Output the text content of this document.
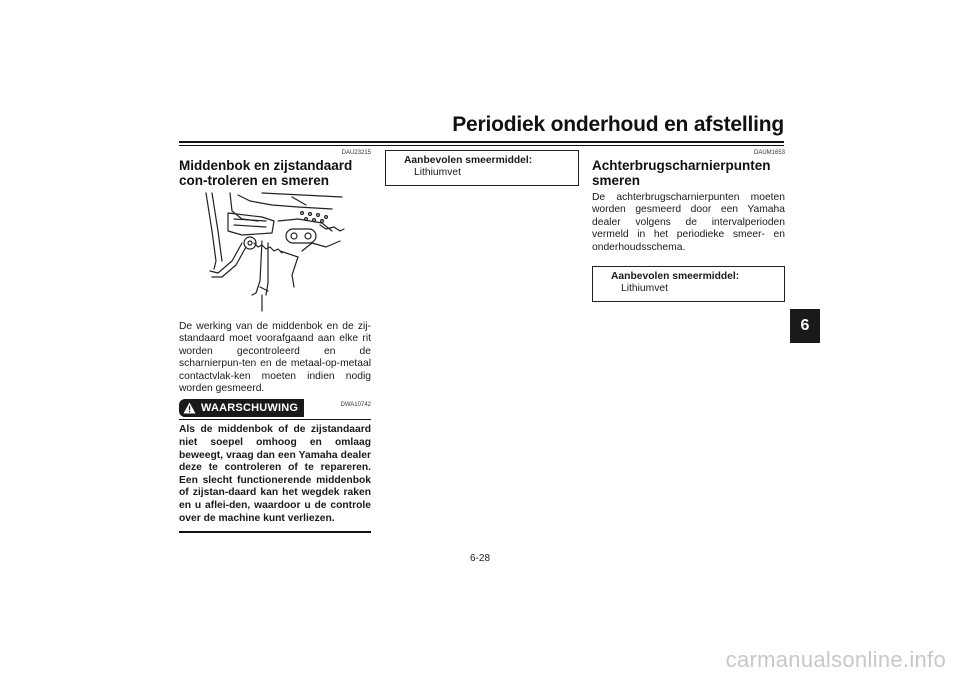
Periodiek onderhoud en afstelling
6
DAU23215
Middenbok en zijstandaard con-troleren en smeren

De werking van de middenbok en de zij-standaard moet voorafgaand aan elke rit worden gecontroleerd en de scharnierpun-ten en de metaal-op-metaal contactvlak-ken moeten indien nodig worden gesmeerd.

WAARSCHUWING	DWA10742
Als de middenbok of de zijstandaard niet soepel omhoog en omlaag beweegt, vraag dan een Yamaha dealer deze te controleren of te repareren. Een slecht functionerende middenbok of zijstan-daard kan het wegdek raken en u aflei-den, waardoor u de controle over de machine kunt verliezen.
Aanbevolen smeermiddel:
Lithiumvet
DAUM1653
Achterbrugscharnierpunten smeren

De achterbrugscharnierpunten moeten worden gesmeerd door een Yamaha dealer volgens de intervalperioden vermeld in het periodieke smeer- en onderhoudsschema.

Aanbevolen smeermiddel:
Lithiumvet
6-28
carmanualsonline.info
